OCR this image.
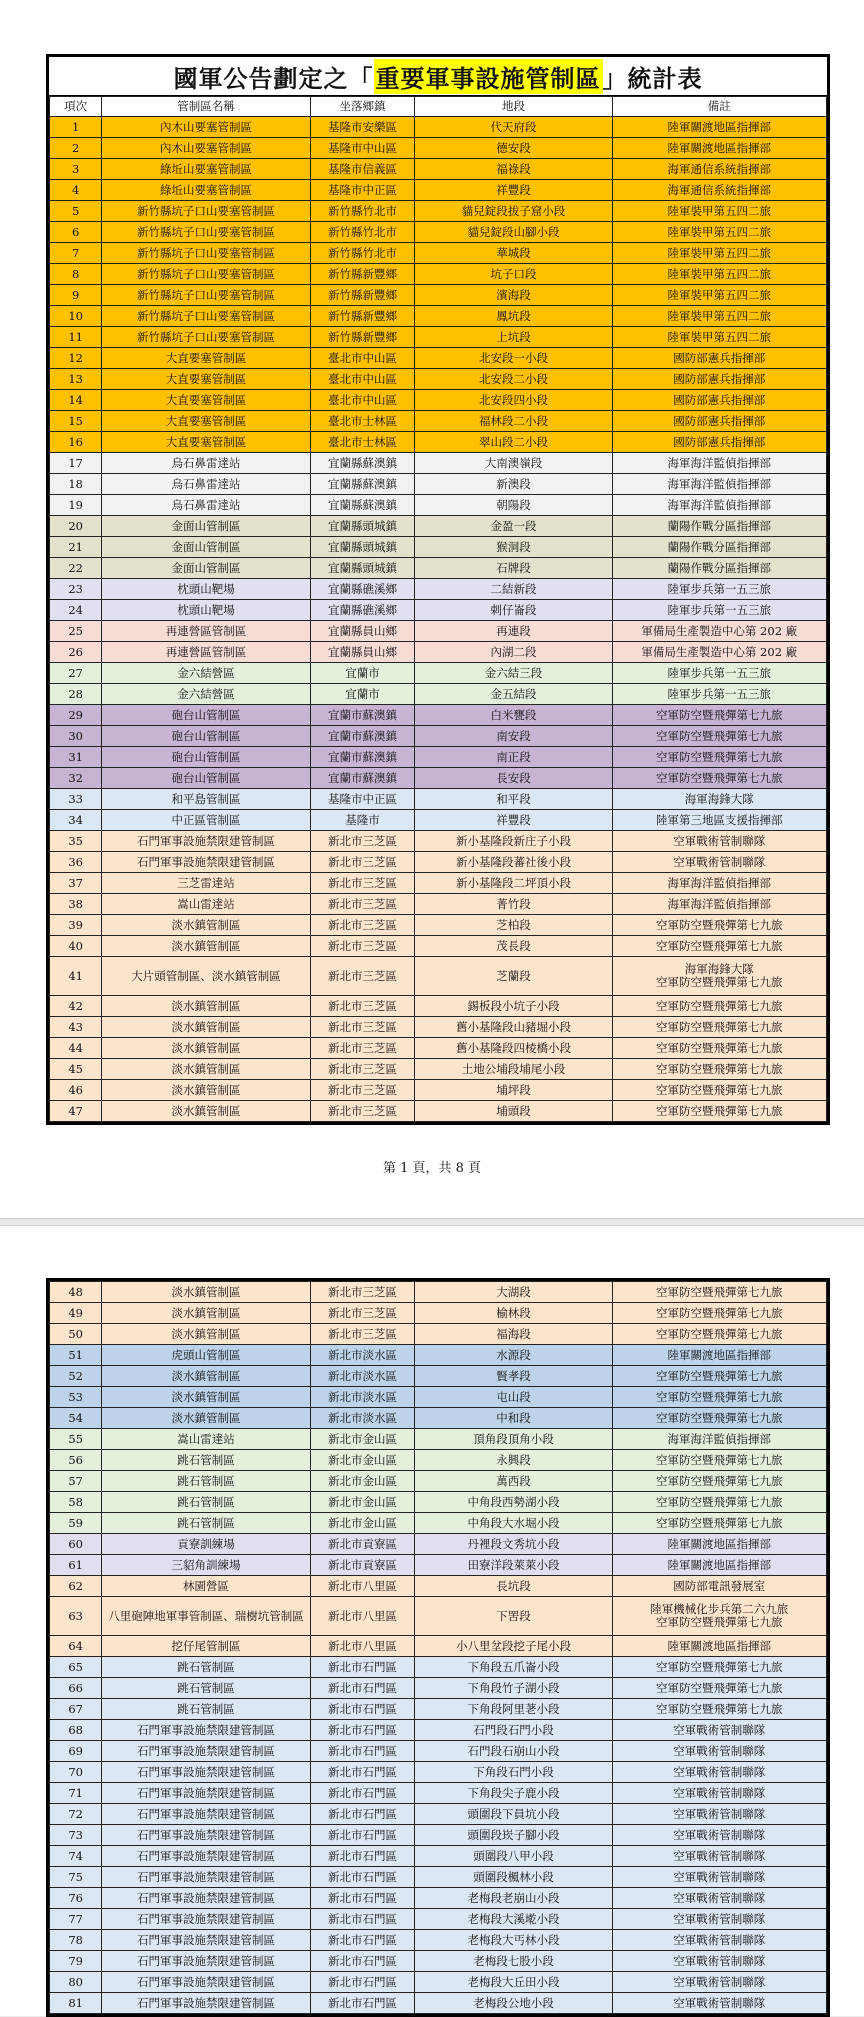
國軍公告劃定之「 重要軍事設施管制區 」統計表
項次	管制區名稱	坐落鄉鎮	地段	備註
1	內木山要塞管制區	基隆市安樂區	代天府段	陸軍關渡地區指揮部
2	內木山要塞管制區	基隆市中山區	德安段	陸軍關渡地區指揮部
3	綠坵山要塞管制區	基隆市信義區	福祿段	海軍通信系統指揮部
4	綠坵山要塞管制區	基隆市中正區	祥豐段	海軍通信系統指揮部
5	新竹縣坑子口山要塞管制區	新竹縣竹北市	貓兒錠段拔子窟小段	陸軍裝甲第五四二旅
6	新竹縣坑子口山要塞管制區	新竹縣竹北市	貓兒錠段山腳小段	陸軍裝甲第五四二旅
7	新竹縣坑子口山要塞管制區	新竹縣竹北市	華城段	陸軍裝甲第五四二旅
8	新竹縣坑子口山要塞管制區	新竹縣新豐鄉	坑子口段	陸軍裝甲第五四二旅
9	新竹縣坑子口山要塞管制區	新竹縣新豐鄉	濱海段	陸軍裝甲第五四二旅
10	新竹縣坑子口山要塞管制區	新竹縣新豐鄉	鳳坑段	陸軍裝甲第五四二旅
11	新竹縣坑子口山要塞管制區	新竹縣新豐鄉	上坑段	陸軍裝甲第五四二旅
12	大直要塞管制區	臺北市中山區	北安段一小段	國防部憲兵指揮部
13	大直要塞管制區	臺北市中山區	北安段二小段	國防部憲兵指揮部
14	大直要塞管制區	臺北市中山區	北安段四小段	國防部憲兵指揮部
15	大直要塞管制區	臺北市士林區	福林段二小段	國防部憲兵指揮部
16	大直要塞管制區	臺北市士林區	翠山段二小段	國防部憲兵指揮部
17	烏石鼻雷達站	宜蘭縣蘇澳鎮	大南澳嶺段	海軍海洋監偵指揮部
18	烏石鼻雷達站	宜蘭縣蘇澳鎮	新澳段	海軍海洋監偵指揮部
19	烏石鼻雷達站	宜蘭縣蘇澳鎮	朝陽段	海軍海洋監偵指揮部
20	金面山管制區	宜蘭縣頭城鎮	金盈一段	蘭陽作戰分區指揮部
21	金面山管制區	宜蘭縣頭城鎮	猴洞段	蘭陽作戰分區指揮部
22	金面山管制區	宜蘭縣頭城鎮	石牌段	蘭陽作戰分區指揮部
23	枕頭山靶場	宜蘭縣礁溪鄉	二結新段	陸軍步兵第一五三旅
24	枕頭山靶場	宜蘭縣礁溪鄉	剌仔崙段	陸軍步兵第一五三旅
25	再連營區管制區	宜蘭縣員山鄉	再連段	軍備局生產製造中心第 202 廠
26	再連營區管制區	宜蘭縣員山鄉	內湖二段	軍備局生產製造中心第 202 廠
27	金六結營區	宜蘭市	金六結三段	陸軍步兵第一五三旅
28	金六結營區	宜蘭市	金五結段	陸軍步兵第一五三旅
29	砲台山管制區	宜蘭市蘇澳鎮	白米甕段	空軍防空暨飛彈第七九旅
30	砲台山管制區	宜蘭市蘇澳鎮	南安段	空軍防空暨飛彈第七九旅
31	砲台山管制區	宜蘭市蘇澳鎮	南正段	空軍防空暨飛彈第七九旅
32	砲台山管制區	宜蘭市蘇澳鎮	長安段	空軍防空暨飛彈第七九旅
33	和平島管制區	基隆市中正區	和平段	海軍海鋒大隊
34	中正區管制區	基隆市	祥豐段	陸軍第三地區支援指揮部
35	石門軍事設施禁限建管制區	新北市三芝區	新小基隆段新庄子小段	空軍戰術管制聯隊
36	石門軍事設施禁限建管制區	新北市三芝區	新小基隆段蕃社後小段	空軍戰術管制聯隊
37	三芝雷達站	新北市三芝區	新小基隆段二坪頂小段	海軍海洋監偵指揮部
38	嵩山雷達站	新北市三芝區	菁竹段	海軍海洋監偵指揮部
39	淡水鎮管制區	新北市三芝區	芝柏段	空軍防空暨飛彈第七九旅
40	淡水鎮管制區	新北市三芝區	茂長段	空軍防空暨飛彈第七九旅
41	大片頭管制區、淡水鎮管制區	新北市三芝區	芝蘭段	海軍海鋒大隊
空軍防空暨飛彈第七九旅

42	淡水鎮管制區	新北市三芝區	錫板段小坑子小段	空軍防空暨飛彈第七九旅
43	淡水鎮管制區	新北市三芝區	舊小基隆段山豬堀小段	空軍防空暨飛彈第七九旅
44	淡水鎮管制區	新北市三芝區	舊小基隆段四棱橋小段	空軍防空暨飛彈第七九旅
45	淡水鎮管制區	新北市三芝區	土地公埔段埔尾小段	空軍防空暨飛彈第七九旅
46	淡水鎮管制區	新北市三芝區	埔坪段	空軍防空暨飛彈第七九旅
47	淡水鎮管制區	新北市三芝區	埔頭段	空軍防空暨飛彈第七九旅
第 1 頁，共 8 頁
48	淡水鎮管制區	新北市三芝區	大湖段	空軍防空暨飛彈第七九旅
49	淡水鎮管制區	新北市三芝區	榆林段	空軍防空暨飛彈第七九旅
50	淡水鎮管制區	新北市三芝區	福海段	空軍防空暨飛彈第七九旅
51	虎頭山管制區	新北市淡水區	水源段	陸軍關渡地區指揮部
52	淡水鎮管制區	新北市淡水區	賢孝段	空軍防空暨飛彈第七九旅
53	淡水鎮管制區	新北市淡水區	屯山段	空軍防空暨飛彈第七九旅
54	淡水鎮管制區	新北市淡水區	中和段	空軍防空暨飛彈第七九旅
55	嵩山雷達站	新北市金山區	頂角段頂角小段	海軍海洋監偵指揮部
56	跳石管制區	新北市金山區	永興段	空軍防空暨飛彈第七九旅
57	跳石管制區	新北市金山區	萬西段	空軍防空暨飛彈第七九旅
58	跳石管制區	新北市金山區	中角段西勢湖小段	空軍防空暨飛彈第七九旅
59	跳石管制區	新北市金山區	中角段大水堀小段	空軍防空暨飛彈第七九旅
60	貢寮訓練場	新北市貢寮區	丹裡段文秀坑小段	陸軍關渡地區指揮部
61	三貂角訓練場	新北市貢寮區	田寮洋段萊萊小段	陸軍關渡地區指揮部
62	林園營區	新北市八里區	長坑段	國防部電訊發展室
63	八里砲陣地軍事管制區、瑞樹坑管制區	新北市八里區	下罟段	陸軍機械化步兵第二六九旅
空軍防空暨飛彈第七九旅

64	挖仔尾管制區	新北市八里區	小八里坌段挖子尾小段	陸軍關渡地區指揮部
65	跳石管制區	新北市石門區	下角段五爪崙小段	空軍防空暨飛彈第七九旅
66	跳石管制區	新北市石門區	下角段竹子湖小段	空軍防空暨飛彈第七九旅
67	跳石管制區	新北市石門區	下角段阿里荖小段	空軍防空暨飛彈第七九旅
68	石門軍事設施禁限建管制區	新北市石門區	石門段石門小段	空軍戰術管制聯隊
69	石門軍事設施禁限建管制區	新北市石門區	石門段石崩山小段	空軍戰術管制聯隊
70	石門軍事設施禁限建管制區	新北市石門區	下角段石門小段	空軍戰術管制聯隊
71	石門軍事設施禁限建管制區	新北市石門區	下角段尖子鹿小段	空軍戰術管制聯隊
72	石門軍事設施禁限建管制區	新北市石門區	頭圍段下員坑小段	空軍戰術管制聯隊
73	石門軍事設施禁限建管制區	新北市石門區	頭圍段崁子腳小段	空軍戰術管制聯隊
74	石門軍事設施禁限建管制區	新北市石門區	頭圍段八甲小段	空軍戰術管制聯隊
75	石門軍事設施禁限建管制區	新北市石門區	頭圍段楓林小段	空軍戰術管制聯隊
76	石門軍事設施禁限建管制區	新北市石門區	老梅段老崩山小段	空軍戰術管制聯隊
77	石門軍事設施禁限建管制區	新北市石門區	老梅段大溪墘小段	空軍戰術管制聯隊
78	石門軍事設施禁限建管制區	新北市石門區	老梅段大丐林小段	空軍戰術管制聯隊
79	石門軍事設施禁限建管制區	新北市石門區	老梅段七股小段	空軍戰術管制聯隊
80	石門軍事設施禁限建管制區	新北市石門區	老梅段大丘田小段	空軍戰術管制聯隊
81	石門軍事設施禁限建管制區	新北市石門區	老梅段公地小段	空軍戰術管制聯隊
